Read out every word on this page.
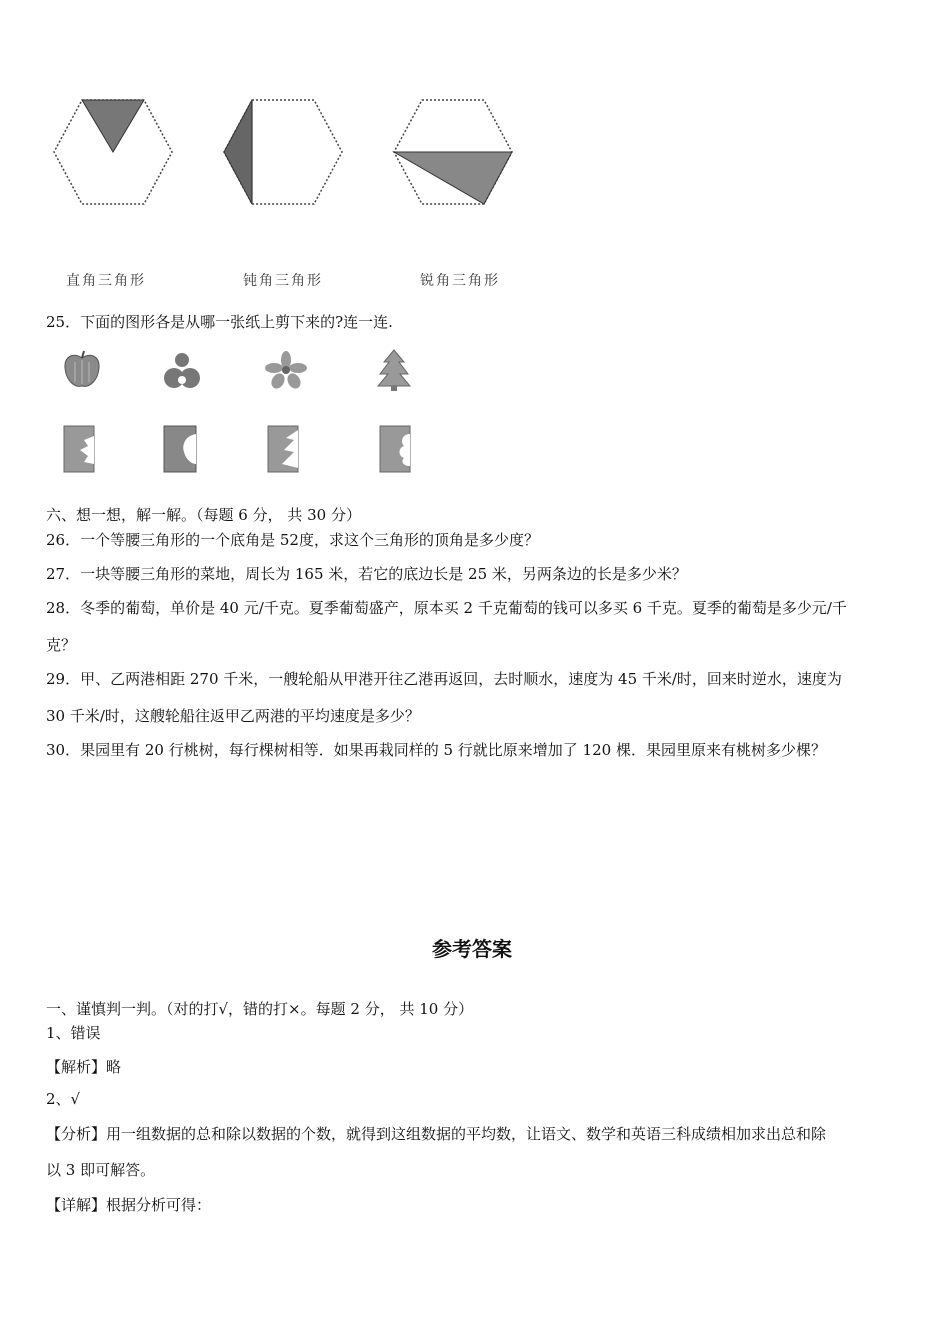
直角三角形	钝角三角形	锐角三角形
25．下面的图形各是从哪一张纸上剪下来的?连一连.
六、想一想，解一解。（每题 6 分， 共 30 分）
26．一个等腰三角形的一个底角是 52度，求这个三角形的顶角是多少度？
27．一块等腰三角形的菜地，周长为 165 米，若它的底边长是 25 米，另两条边的长是多少米？
28．冬季的葡萄，单价是 40 元/千克。夏季葡萄盛产，原本买 2 千克葡萄的钱可以多买 6 千克。夏季的葡萄是多少元/千
克？
29．甲、乙两港相距 270 千米，一艘轮船从甲港开往乙港再返回，去时顺水，速度为 45 千米/时，回来时逆水，速度为
30 千米/时，这艘轮船往返甲乙两港的平均速度是多少？
30．果园里有 20 行桃树，每行棵树相等．如果再栽同样的 5 行就比原来增加了 120 棵．果园里原来有桃树多少棵？
参考答案
一、谨慎判一判。（对的打√，错的打×。每题 2 分， 共 10 分）
1、错误
【解析】略
2、√
【分析】用一组数据的总和除以数据的个数，就得到这组数据的平均数，让语文、数学和英语三科成绩相加求出总和除
以 3 即可解答。
【详解】根据分析可得：
